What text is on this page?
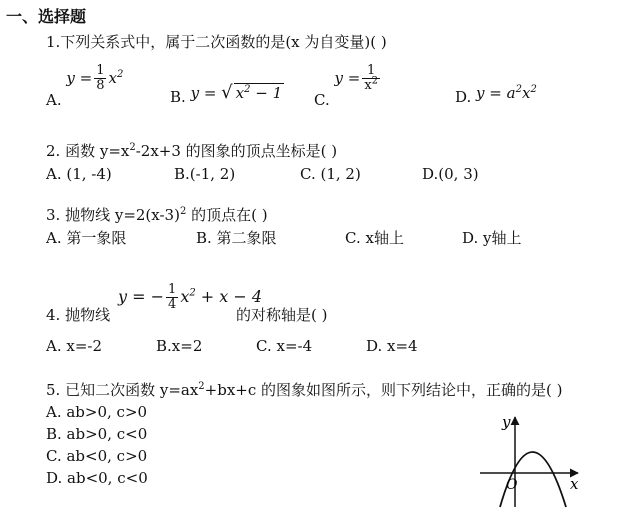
一、选择题
1.下列关系式中，属于二次函数的是(x 为自变量)( )
A. $y = \frac{1}{8} x^2$
B. y = √ $x^2 - 1$ C. $y = \frac{1}{x^2}$
D. $y = a^2x^2$
2. 函数 $y=x^2-2x+3$ 的图象的顶点坐标是( )
A. (1, -4)	B.(-1, 2)	C. (1, 2)	D.(0, 3)
3. 抛物线 $y=2(x-3)^2$ 的顶点在( )
A. 第一象限	B. 第二象限	C. x轴上	D. y轴上
4. 抛物线
y = − $\frac{1}{4} x^2 + x - 4$
的对称轴是( )
A. x=-2	B.x=2	C. x=-4	D. x=4
5. 已知二次函数 $y=ax^2+bx+c$ 的图象如图所示，则下列结论中，正确的是( )
A. ab>0, c>0
B. ab>0, c<0
C. ab<0, c>0
D. ab<0, c<0
y
x
O
